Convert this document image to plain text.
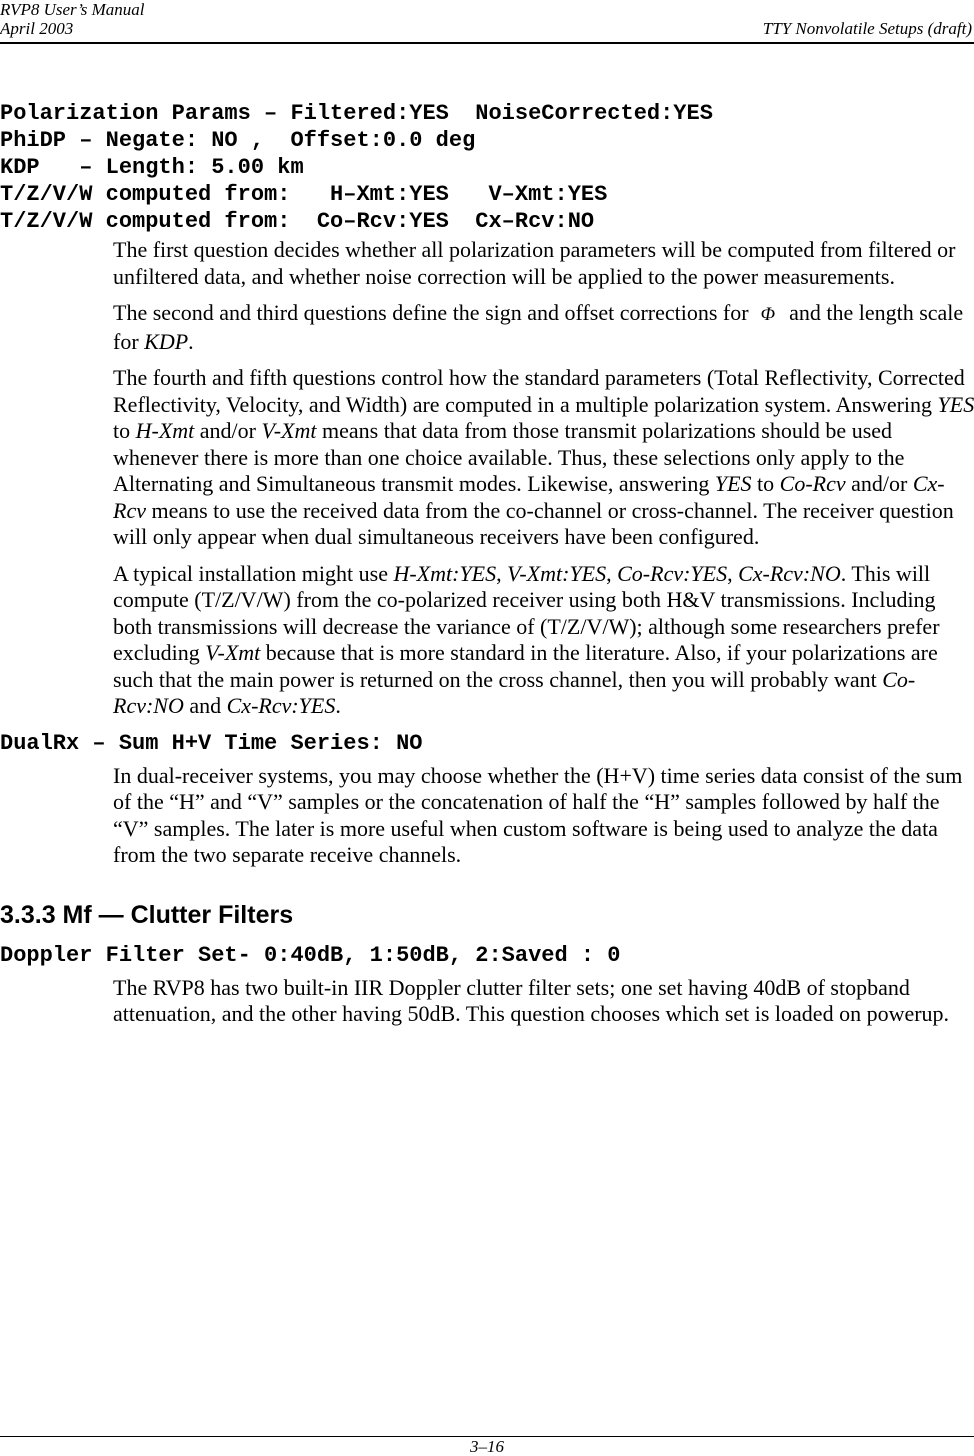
RVP8 User’s Manual
April 2003	TTY Nonvolatile Setups (draft)
Polarization Params – Filtered:YES  NoiseCorrected:YES
PhiDP – Negate: NO ,  Offset:0.0 deg
KDP   – Length: 5.00 km
T/Z/V/W computed from:   H–Xmt:YES   V–Xmt:YES
T/Z/V/W computed from:  Co–Rcv:YES  Cx–Rcv:NO

The first question decides whether all polarization parameters will be computed from filtered or unfiltered data, and whether noise correction will be applied to the power measurements.

The second and third questions define the sign and offset corrections for Φ and the length scale for KDP.

The fourth and fifth questions control how the standard parameters (Total Reflectivity, Corrected Reflectivity, Velocity, and Width) are computed in a multiple polarization system. Answering YES to H-Xmt and/or V-Xmt means that data from those transmit polarizations should be used whenever there is more than one choice available. Thus, these selections only apply to the Alternating and Simultaneous transmit modes. Likewise, answering YES to Co-Rcv and/or Cx-Rcv means to use the received data from the co-channel or cross-channel. The receiver question will only appear when dual simultaneous receivers have been configured.

A typical installation might use H-Xmt:YES, V-Xmt:YES, Co-Rcv:YES, Cx-Rcv:NO. This will compute (T/Z/V/W) from the co-polarized receiver using both H&V transmissions. Including both transmissions will decrease the variance of (T/Z/V/W); although some researchers prefer excluding V-Xmt because that is more standard in the literature. Also, if your polarizations are such that the main power is returned on the cross channel, then you will probably want Co-Rcv:NO and Cx-Rcv:YES.

DualRx – Sum H+V Time Series: NO

In dual-receiver systems, you may choose whether the (H+V) time series data consist of the sum of the “H” and “V” samples or the concatenation of half the “H” samples followed by half the “V” samples. The later is more useful when custom software is being used to analyze the data from the two separate receive channels.

3.3.3 Mf — Clutter Filters
Doppler Filter Set- 0:40dB, 1:50dB, 2:Saved : 0

The RVP8 has two built-in IIR Doppler clutter filter sets; one set having 40dB of stopband attenuation, and the other having 50dB. This question chooses which set is loaded on powerup.

3–16
